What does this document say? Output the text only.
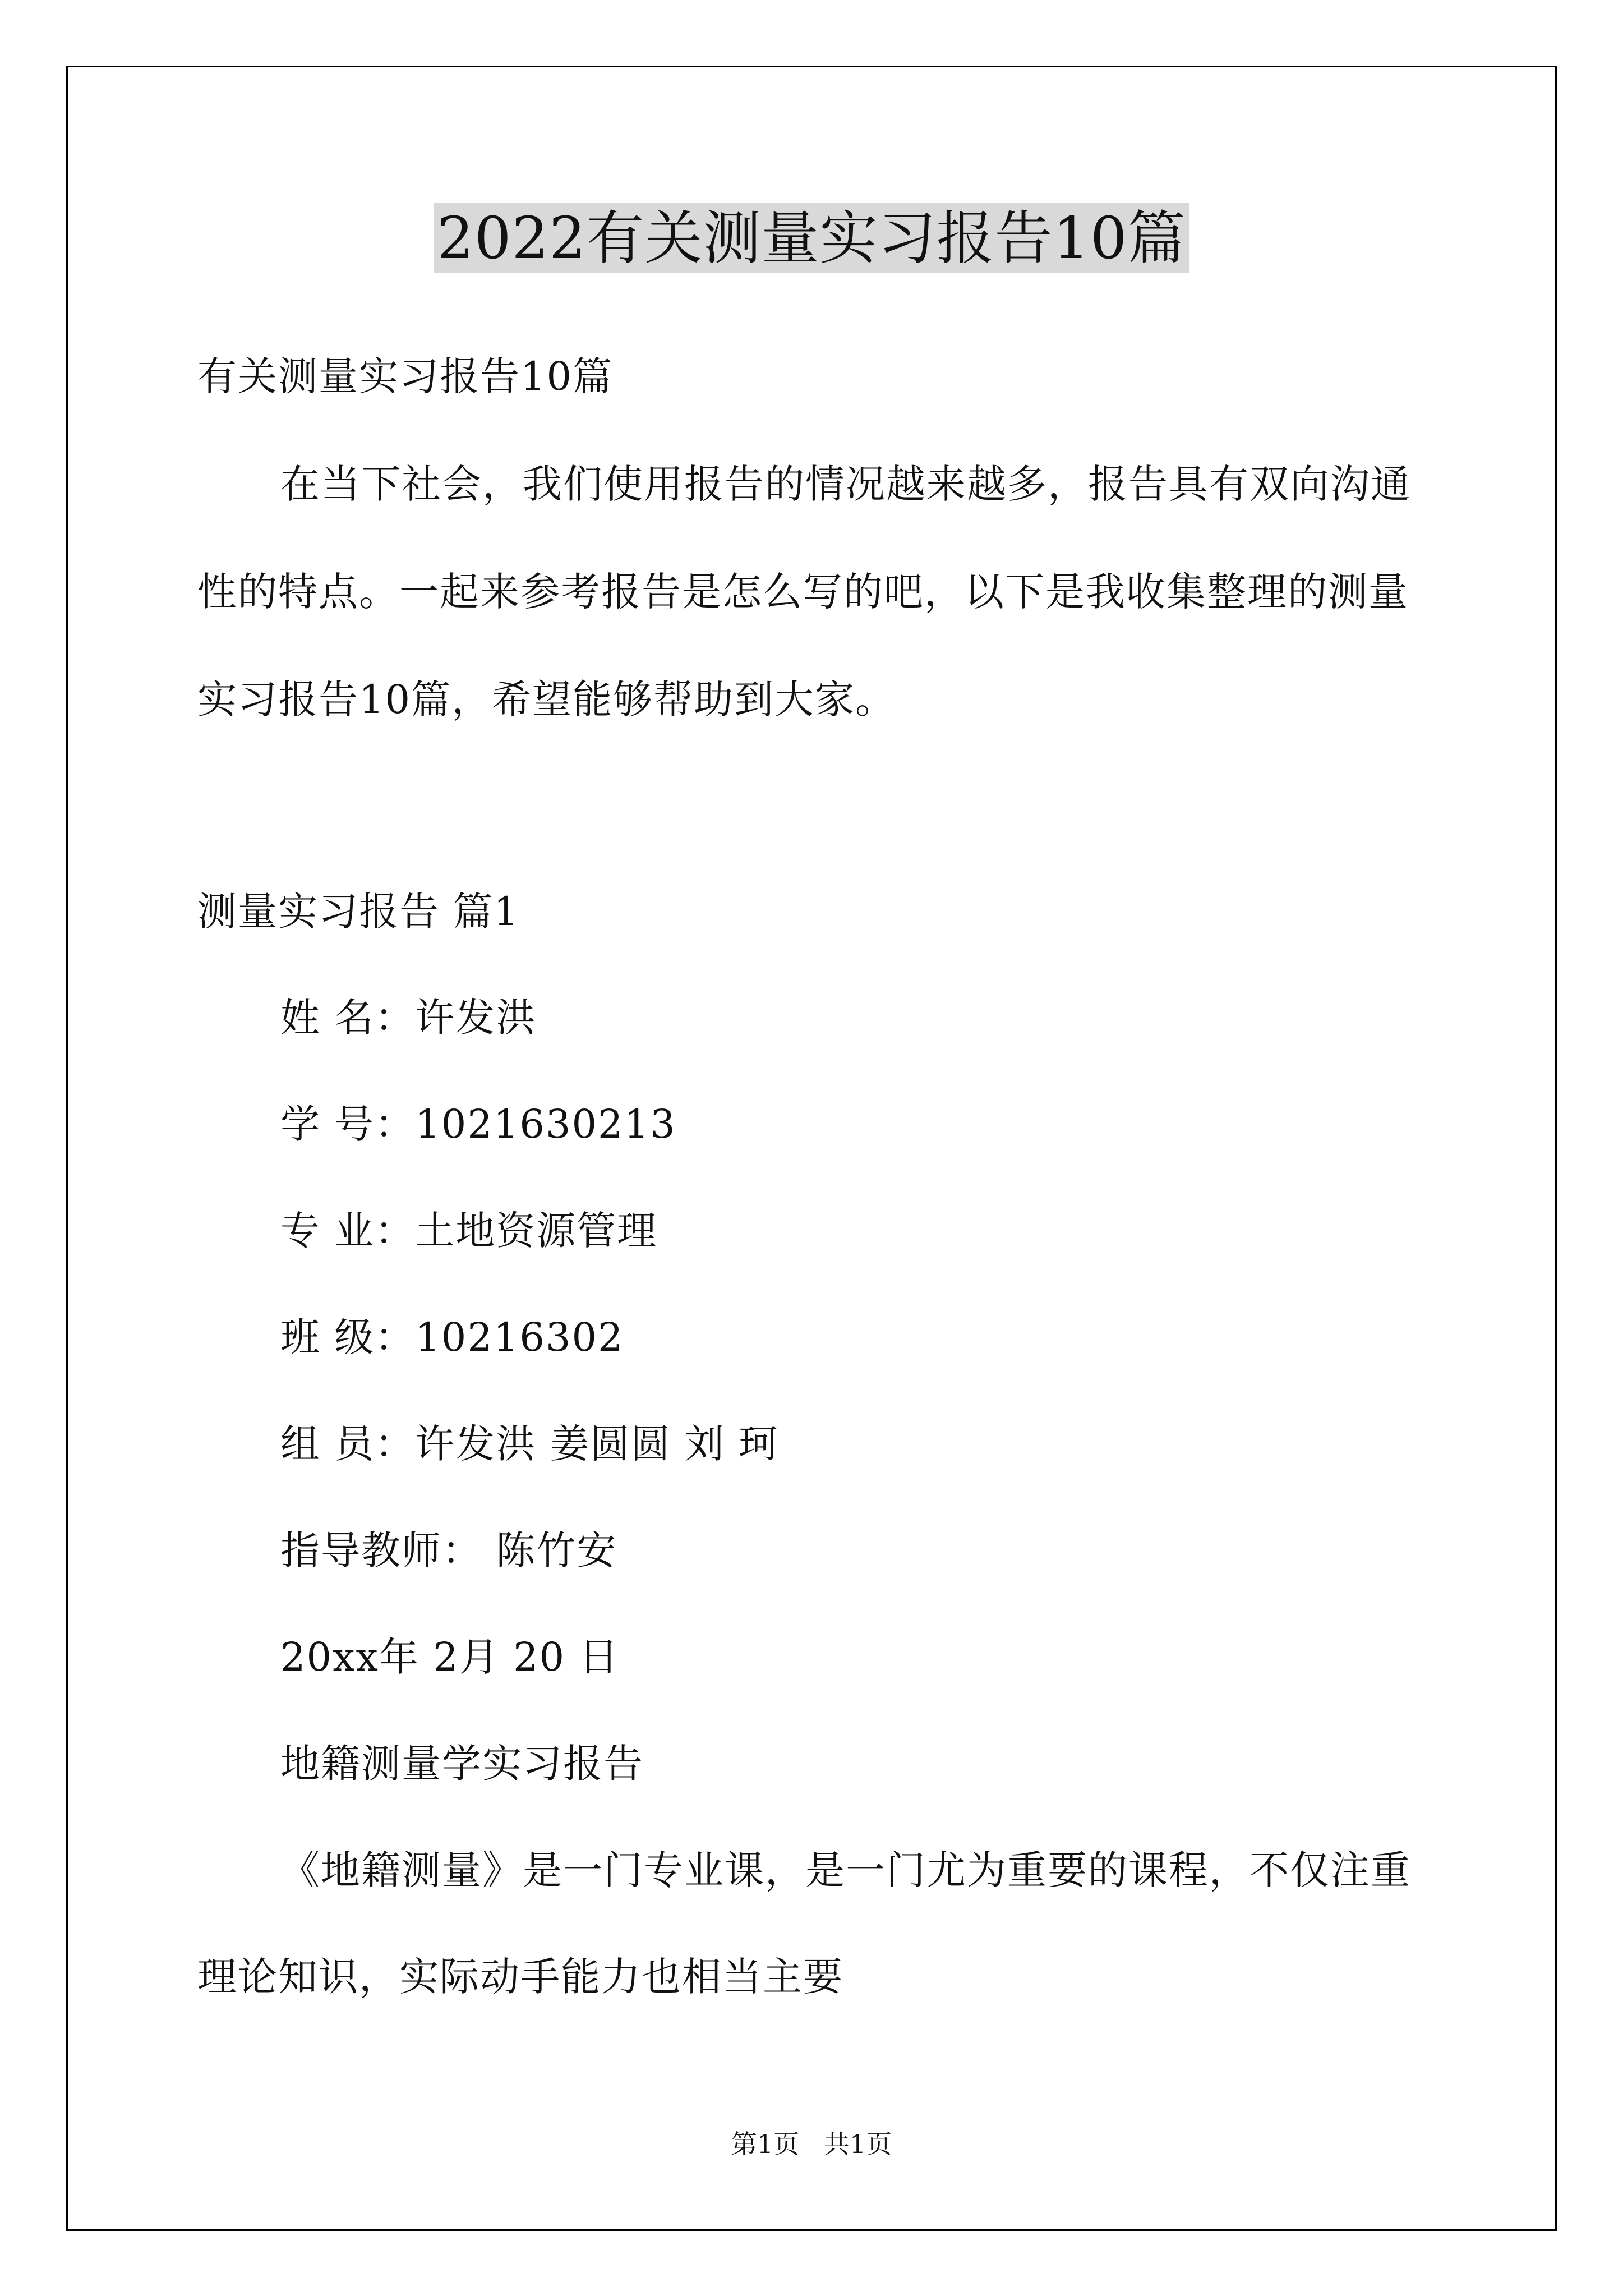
2022有关测量实习报告10篇

有关测量实习报告10篇

在当下社会，我们使用报告的情况越来越多，报告具有双向沟通

性的特点。一起来参考报告是怎么写的吧，以下是我收集整理的测量

实习报告10篇，希望能够帮助到大家。

测量实习报告 篇1

姓 名：许发洪

学 号：1021630213

专 业：土地资源管理

班 级：10216302

组 员：许发洪 姜圆圆 刘 珂

指导教师： 陈竹安

20xx年 2月 20 日

地籍测量学实习报告

《地籍测量》是一门专业课，是一门尤为重要的课程，不仅注重

理论知识，实际动手能力也相当主要

第1页   共1页
